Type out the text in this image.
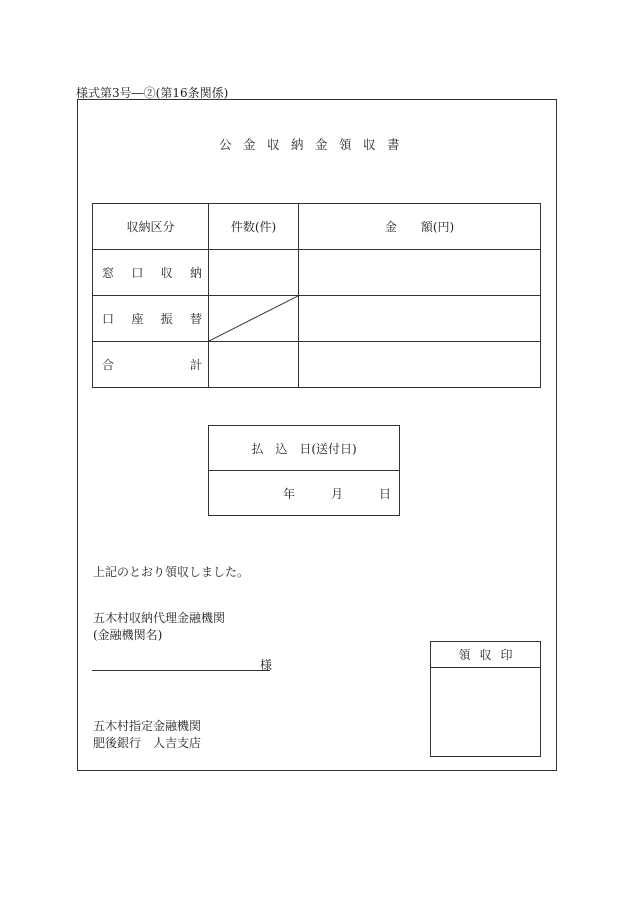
様式第3号―②(第16条関係)
公金収納金領収書
収納区分	件数(件)	金　　額(円)

窓 口 収 納		

口 座 振 替

合 計		

払　込　日(送付日)

年	月	日
上記のとおり領収しました。
五木村収納代理金融機関
(金融機関名)
様
五木村指定金融機関
肥後銀行　人吉支店
領収印
